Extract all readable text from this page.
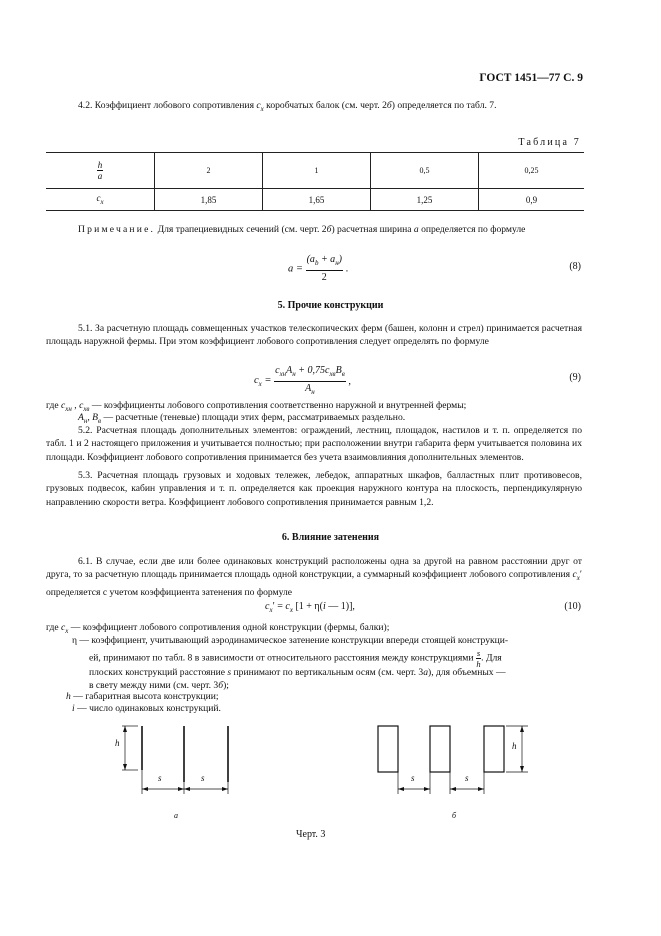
ГОСТ 1451—77 С. 9
4.2. Коэффициент лобового сопротивления $c_x$ коробчатых балок (см. черт. 2б) определяется по табл. 7.
Таблица 7
$\frac{h}{a}$	2	1	0,5	0,25
$c_x$	1,85	1,65	1,25	0,9
Примечание. Для трапециевидных сечений (см. черт. 2б) расчетная ширина a определяется по формуле
$a = \frac{(a_b + a_н)}{2}$ .	(8)
5. Прочие конструкции
5.1. За расчетную площадь совмещенных участков телескопических ферм (башен, колонн и стрел) принимается расчетная площадь наружной фермы. При этом коэффициент лобового сопротивления следует определять по формуле
$c_x = \frac{c_{xн}A_н + 0,75c_{xв}B_в}{A_н}$ ,	(9)
где $c_{xн}$ , $c_{xв}$ — коэффициенты лобового сопротивления соответственно наружной и внутренней фермы;
$A_н$, $B_в$ — расчетные (теневые) площади этих ферм, рассматриваемых раздельно.
5.2. Расчетная площадь дополнительных элементов: ограждений, лестниц, площадок, настилов и т. п. определяется по табл. 1 и 2 настоящего приложения и учитывается полностью; при расположении внутри габарита ферм учитывается половина их площади. Коэффициент лобового сопротивления принимается без учета взаимовлияния дополнительных элементов.
5.3. Расчетная площадь грузовых и ходовых тележек, лебедок, аппаратных шкафов, балластных плит противовесов, грузовых подвесок, кабин управления и т. п. определяется как проекция наружного контура на плоскость, перпендикулярную направлению скорости ветра. Коэффициент лобового сопротивления принимается равным 1,2.
6. Влияние затенения
6.1. В случае, если две или более одинаковых конструкций расположены одна за другой на равном расстоянии друг от друга, то за расчетную площадь принимается площадь одной конструкции, а суммарный коэффициент лобового сопротивления $c_x'$ определяется с учетом коэффициента затенения по формуле
$c_x' = c_x$ [1 + η(i — 1)],	(10)
где $c_x$ — коэффициент лобового сопротивления одной конструкции (фермы, балки);
η — коэффициент, учитывающий аэродинамическое затенение конструкции впереди стоящей конструкци-
ей, принимают по табл. 8 в зависимости от относительного расстояния между конструкциями $\frac{s}{h}$ . Для
плоских конструкций расстояние s принимают по вертикальным осям (см. черт. 3а), для объемных —
в свету между ними (см. черт. 3б);
h — габаритная высота конструкции;
i — число одинаковых конструкций.
h
s	s	s	s
h
а	б
Черт. 3
